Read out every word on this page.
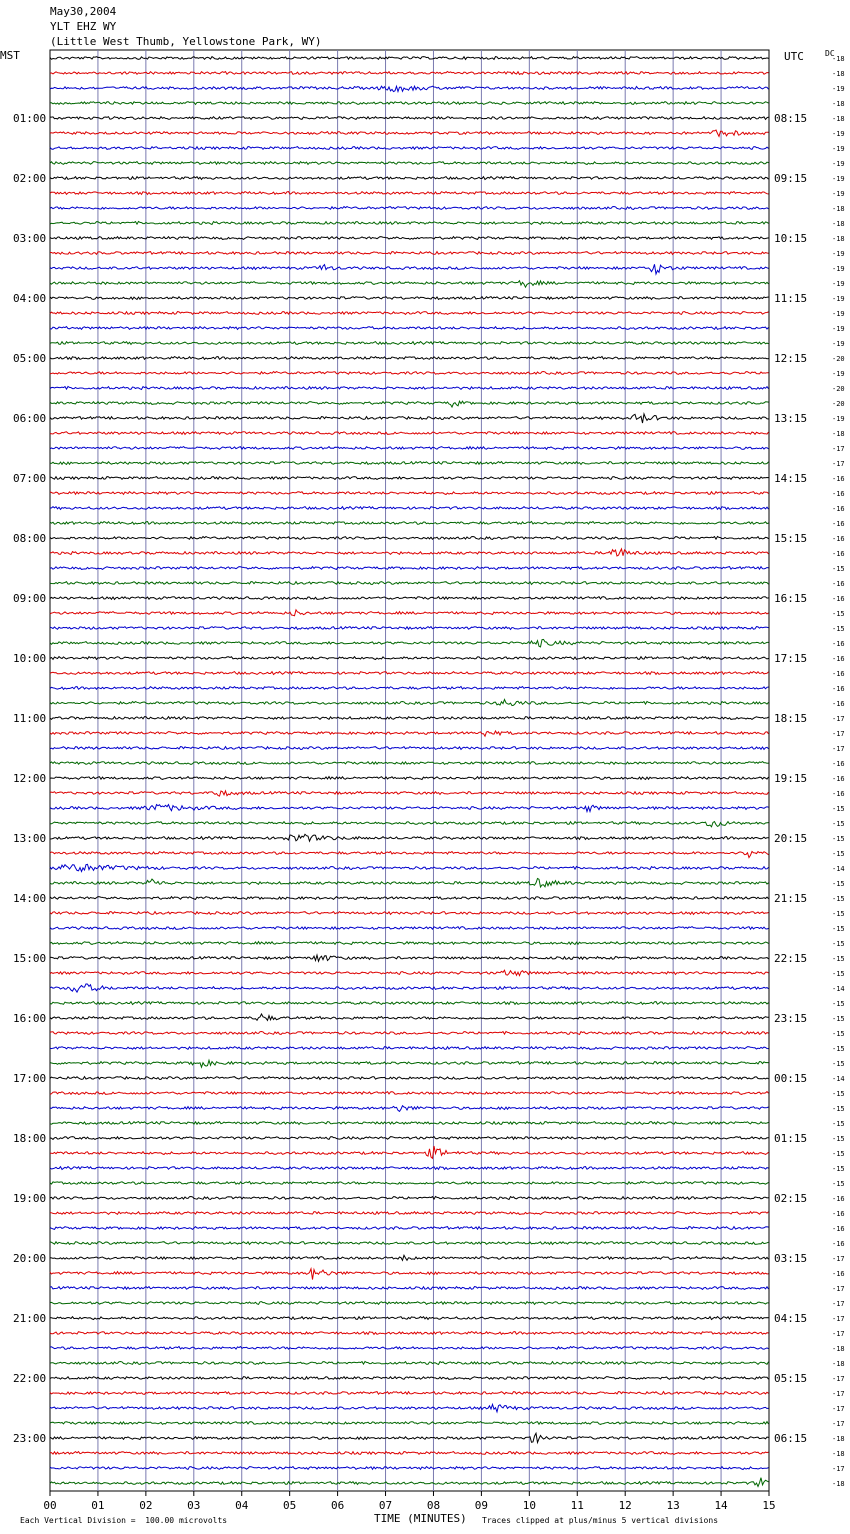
May30,2004
YLT EHZ WY
(Little West Thumb, Yellowstone Park, WY)
MST	UTC	DC
-18
-18
-19
-18
-18
-19
-19
-19
-19
-19
-18
-18
-18
-19
-19
-19
-19
-19
-19
-19
-20
-19
-20
-20
-19
-18
-17
-17
-16
-16
-16
-16
-16
-16
-15
-16
-16
-15
-15
-16
-16
-16
-16
-16
-17
-17
-17
-16
-16
-16
-15
-15
-15
-15
-14
-15
-15
-15
-15
-15
-15
-15
-14
-15
-15
-15
-15
-15
-14
-15
-15
-15
-15
-15
-15
-15
-16
-16
-16
-16
-17
-16
-17
-17
-17
-17
-18
-18
-17
-17
-17
-17
-18
-18
-17
-18
01:00
02:00
03:00
04:00
05:00
06:00
07:00
08:00
09:00
10:00
11:00
12:00
13:00
14:00
15:00
16:00
17:00
18:00
19:00
20:00
21:00
22:00
23:00
08:15
09:15
10:15
11:15
12:15
13:15
14:15
15:15
16:15
17:15
18:15
19:15
20:15
21:15
22:15
23:15
00:15
01:15
02:15
03:15
04:15
05:15
06:15
00	01	02	03	04	05	06	07	08	09	10	11	12	13	14	15
Each Vertical Division =  100.00 microvolts	TIME (MINUTES) Traces clipped at plus/minus 5 vertical divisions
